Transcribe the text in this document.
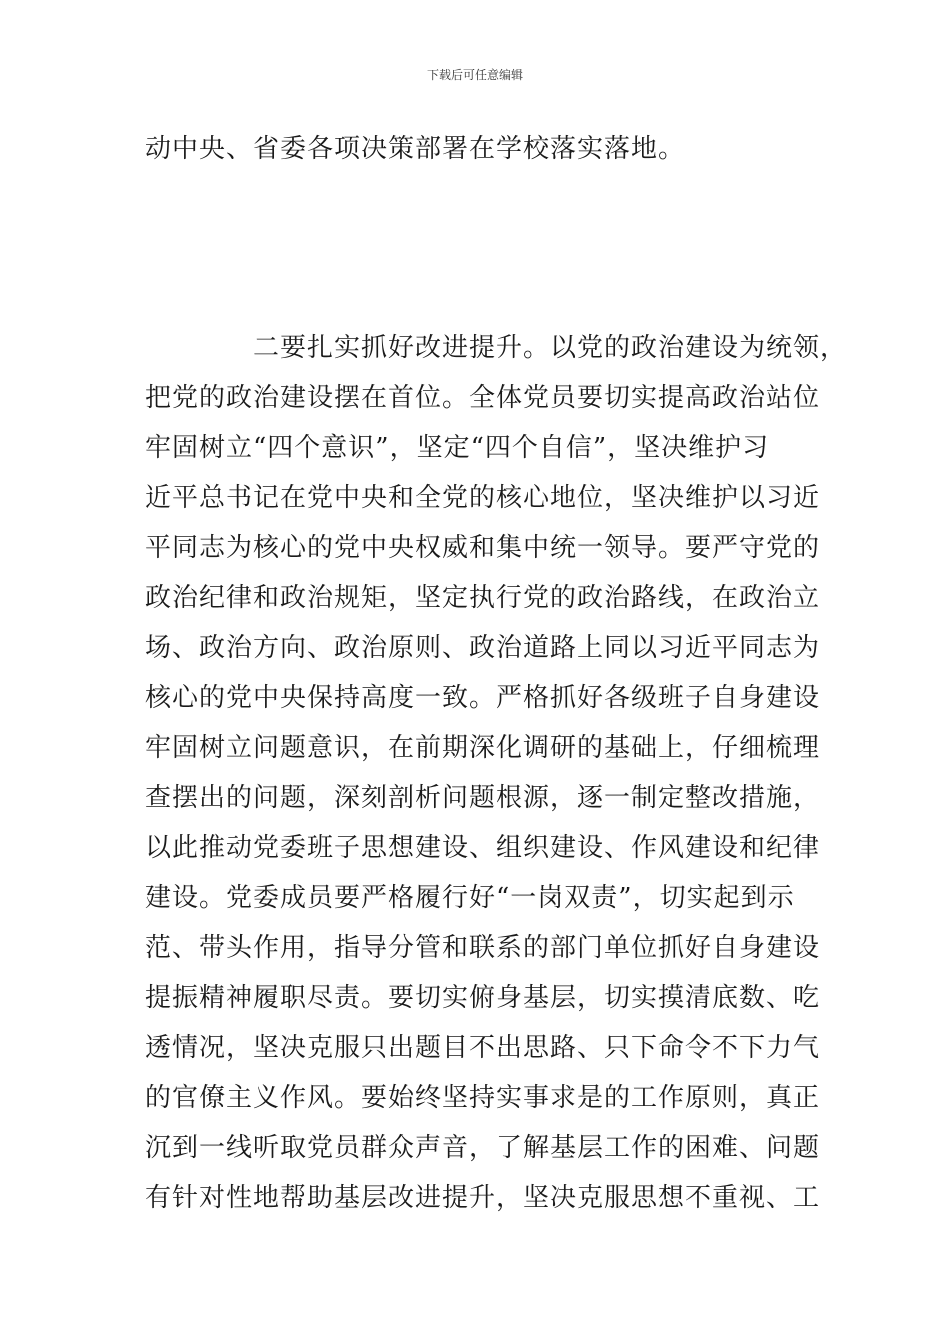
下载后可任意编辑
动中央、省委各项决策部署在学校落实落地。
　　　　二要扎实抓好改进提升。以党的政治建设为统领，
把党的政治建设摆在首位。全体党员要切实提高政治站位
牢固树立“四个意识”，坚定“四个自信”，坚决维护习
近平总书记在党中央和全党的核心地位，坚决维护以习近
平同志为核心的党中央权威和集中统一领导。要严守党的
政治纪律和政治规矩，坚定执行党的政治路线，在政治立
场、政治方向、政治原则、政治道路上同以习近平同志为
核心的党中央保持高度一致。严格抓好各级班子自身建设
牢固树立问题意识，在前期深化调研的基础上，仔细梳理
查摆出的问题，深刻剖析问题根源，逐一制定整改措施，
以此推动党委班子思想建设、组织建设、作风建设和纪律
建设。党委成员要严格履行好“一岗双责”，切实起到示
范、带头作用，指导分管和联系的部门单位抓好自身建设
提振精神履职尽责。要切实俯身基层，切实摸清底数、吃
透情况，坚决克服只出题目不出思路、只下命令不下力气
的官僚主义作风。要始终坚持实事求是的工作原则，真正
沉到一线听取党员群众声音，了解基层工作的困难、问题
有针对性地帮助基层改进提升，坚决克服思想不重视、工
